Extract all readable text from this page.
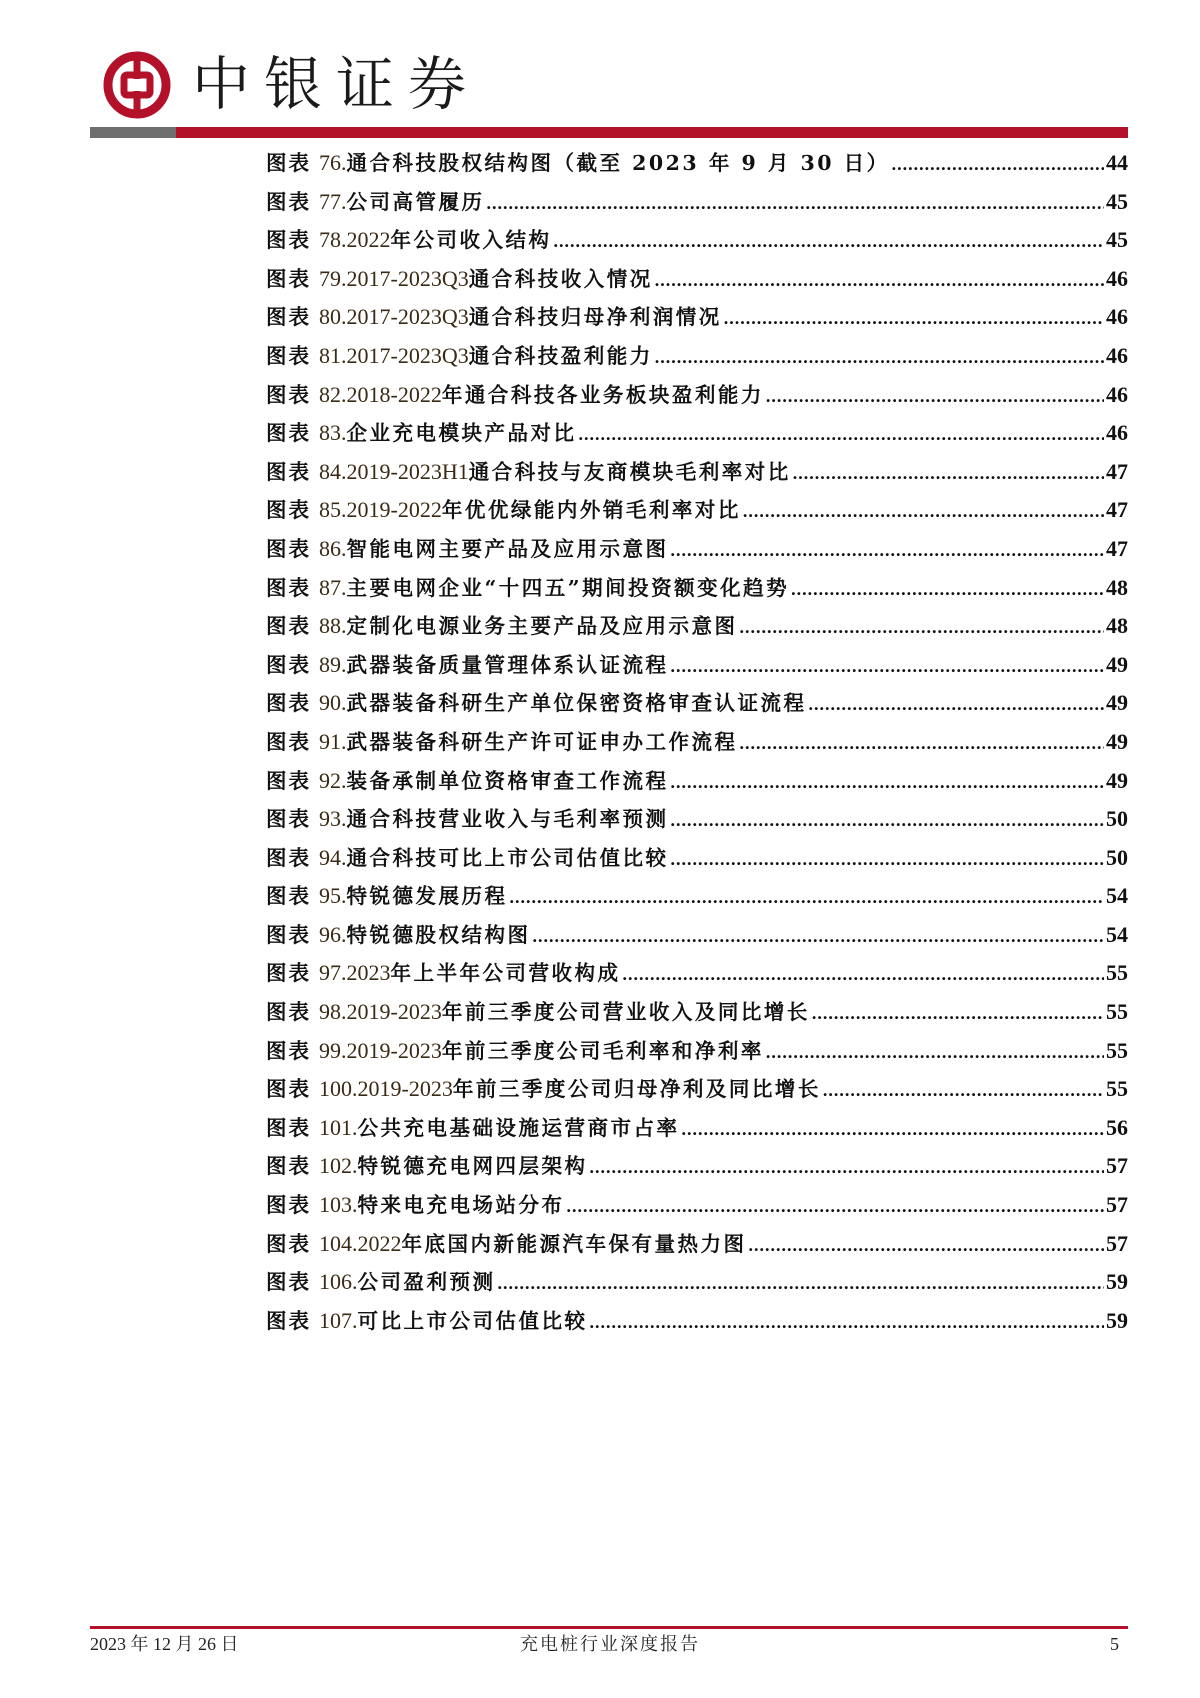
中银证券
图表 76. 通合科技股权结构图（截至 2023 年 9 月 30 日） .....	44
图表 77. 公司高管履历 .....	45
图表 78.2022 年公司收入结构 .....	45
图表 79.2017-2023Q3 通合科技收入情况 .....	46
图表 80.2017-2023Q3 通合科技归母净利润情况 .....	46
图表 81.2017-2023Q3 通合科技盈利能力 .....	46
图表 82.2018-2022 年通合科技各业务板块盈利能力 .....	46
图表 83. 企业充电模块产品对比 .....	46
图表 84.2019-2023H1 通合科技与友商模块毛利率对比 .....	47
图表 85.2019-2022 年优优绿能内外销毛利率对比 .....	47
图表 86. 智能电网主要产品及应用示意图 .....	47
图表 87. 主要电网企业“十四五”期间投资额变化趋势 .....	48
图表 88. 定制化电源业务主要产品及应用示意图 .....	48
图表 89. 武器装备质量管理体系认证流程 .....	49
图表 90. 武器装备科研生产单位保密资格审查认证流程 .....	49
图表 91. 武器装备科研生产许可证申办工作流程 .....	49
图表 92. 装备承制单位资格审查工作流程 .....	49
图表 93. 通合科技营业收入与毛利率预测 .....	50
图表 94. 通合科技可比上市公司估值比较 .....	50
图表 95. 特锐德发展历程 .....	54
图表 96. 特锐德股权结构图 .....	54
图表 97.2023 年上半年公司营收构成 .....	55
图表 98.2019-2023 年前三季度公司营业收入及同比增长 .....	55
图表 99.2019-2023 年前三季度公司毛利率和净利率 .....	55
图表 100.2019-2023 年前三季度公司归母净利及同比增长 .....	55
图表 101. 公共充电基础设施运营商市占率 .....	56
图表 102. 特锐德充电网四层架构 .....	57
图表 103. 特来电充电场站分布 .....	57
图表 104.2022 年底国内新能源汽车保有量热力图 .....	57
图表 106. 公司盈利预测 .....	59
图表 107. 可比上市公司估值比较 .....	59
2023 年 12 月 26 日	充电桩行业深度报告	5
